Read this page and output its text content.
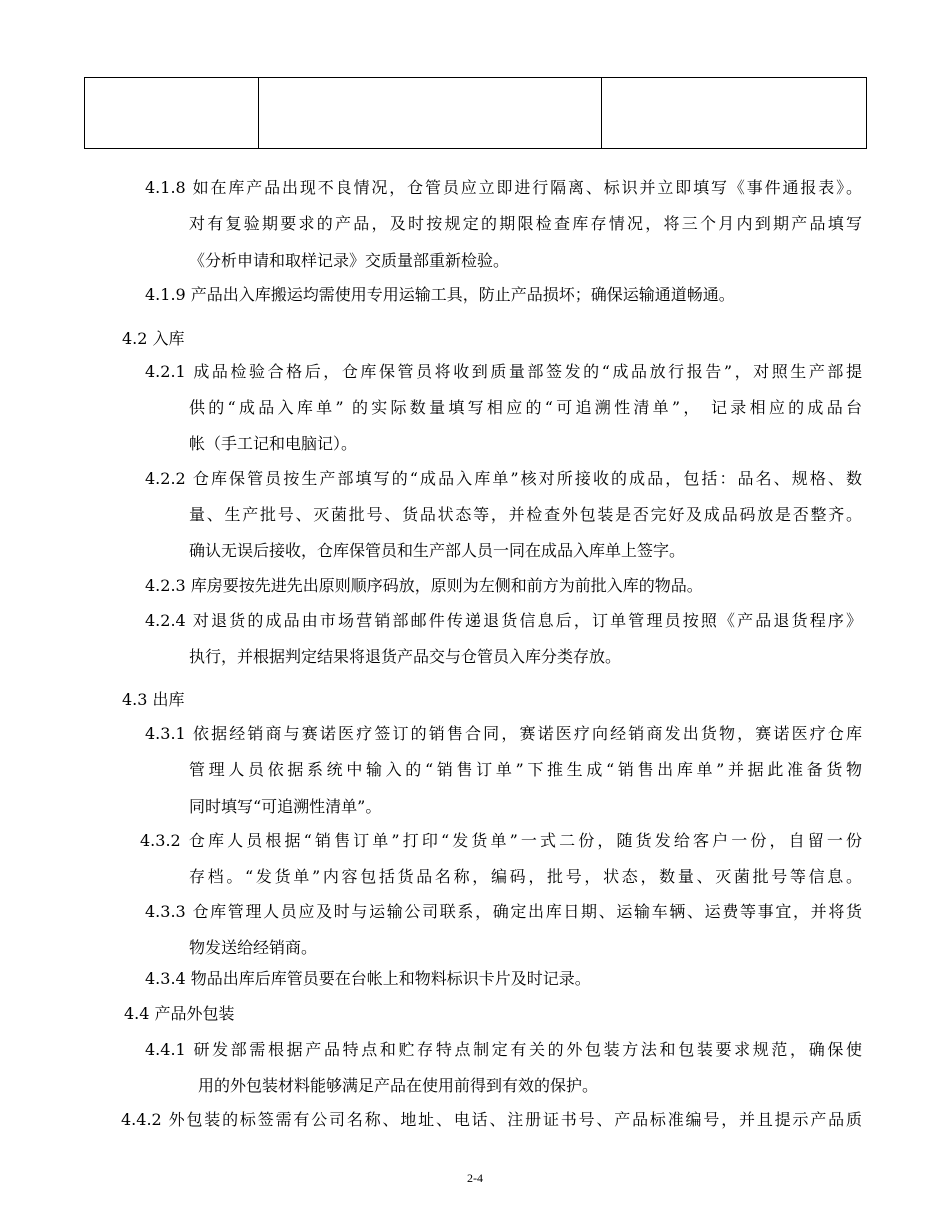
4.1.8 如在库产品出现不良情况，仓管员应立即进行隔离、标识并立即填写《事件通报表》。
对有复验期要求的产品，及时按规定的期限检查库存情况，将三个月内到期产品填写
《分析申请和取样记录》交质量部重新检验。
4.1.9 产品出入库搬运均需使用专用运输工具，防止产品损坏；确保运输通道畅通。
4.2 入库
4.2.1 成品检验合格后，仓库保管员将收到质量部签发的“成品放行报告”，对照生产部提
供的“成品入库单” 的实际数量填写相应的“可追溯性清单”， 记录相应的成品台
帐（手工记和电脑记）。
4.2.2 仓库保管员按生产部填写的“成品入库单”核对所接收的成品，包括：品名、规格、数
量、生产批号、灭菌批号、货品状态等，并检查外包装是否完好及成品码放是否整齐。
确认无误后接收，仓库保管员和生产部人员一同在成品入库单上签字。
4.2.3 库房要按先进先出原则顺序码放，原则为左侧和前方为前批入库的物品。
4.2.4 对退货的成品由市场营销部邮件传递退货信息后，订单管理员按照《产品退货程序》
执行，并根据判定结果将退货产品交与仓管员入库分类存放。
4.3 出库
4.3.1 依据经销商与赛诺医疗签订的销售合同，赛诺医疗向经销商发出货物，赛诺医疗仓库
管理人员依据系统中输入的“销售订单”下推生成“销售出库单”并据此准备货物
同时填写“可追溯性清单”。
4.3.2 仓库人员根据“销售订单”打印“发货单”一式二份，随货发给客户一份，自留一份
存档。“发货单”内容包括货品名称，编码，批号，状态，数量、灭菌批号等信息。
4.3.3 仓库管理人员应及时与运输公司联系，确定出库日期、运输车辆、运费等事宜，并将货
物发送给经销商。
4.3.4 物品出库后库管员要在台帐上和物料标识卡片及时记录。
4.4 产品外包装
4.4.1 研发部需根据产品特点和贮存特点制定有关的外包装方法和包装要求规范，确保使
用的外包装材料能够满足产品在使用前得到有效的保护。
4.4.2 外包装的标签需有公司名称、地址、电话、注册证书号、产品标准编号，并且提示产品质
2-4
